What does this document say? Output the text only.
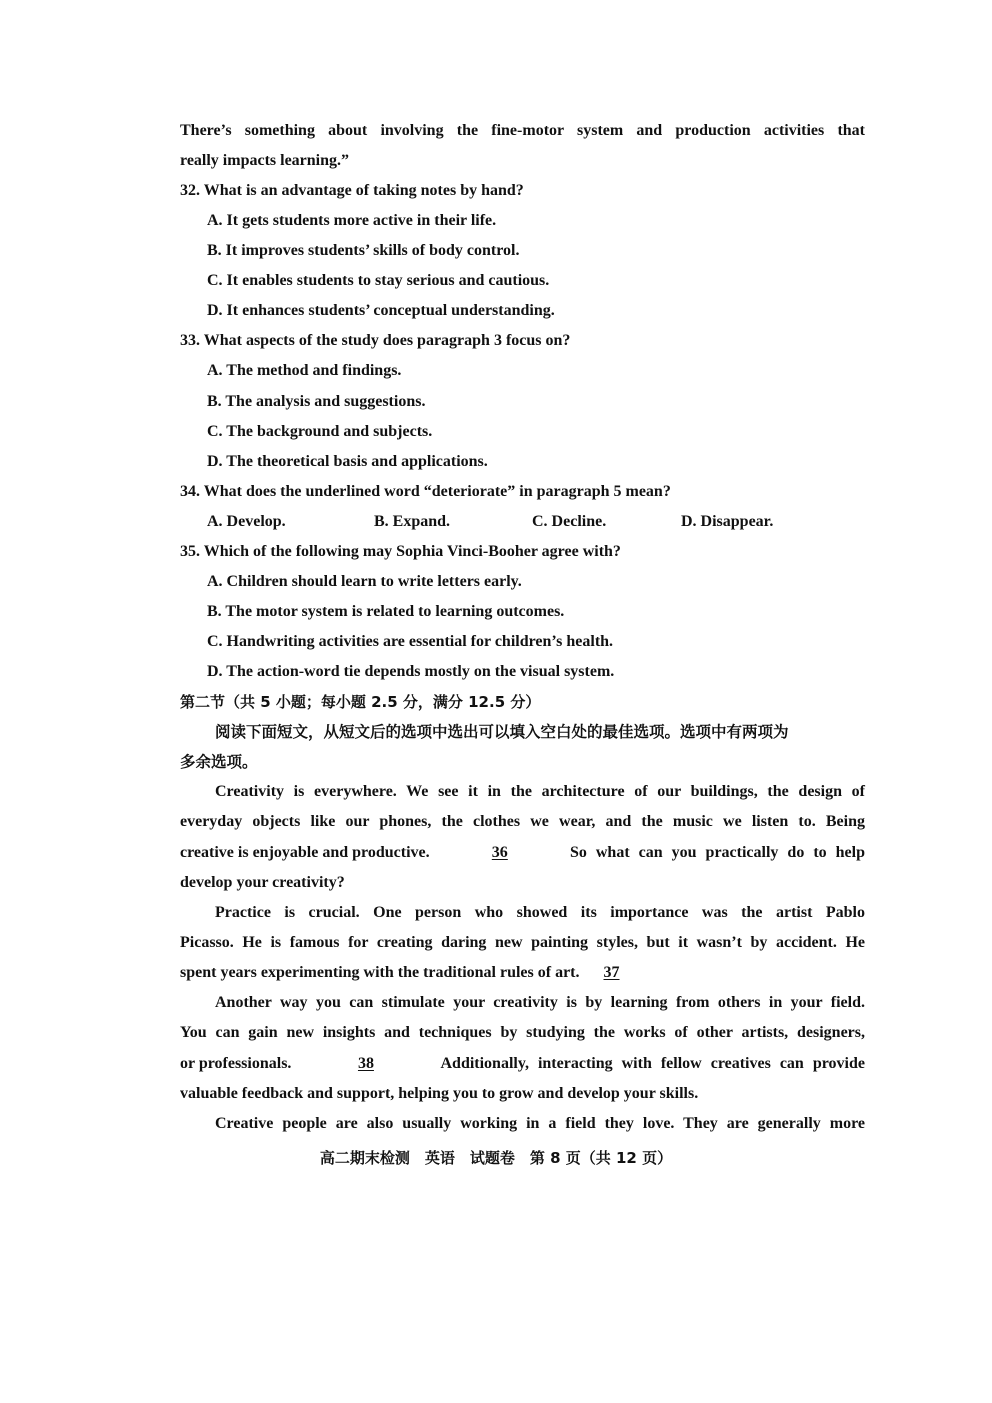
There’s something about involving the fine-motor system and production activities that
really impacts learning.”
32. What is an advantage of taking notes by hand?
A. It gets students more active in their life.
B. It improves students’ skills of body control.
C. It enables students to stay serious and cautious.
D. It enhances students’ conceptual understanding.
33. What aspects of the study does paragraph 3 focus on?
A. The method and findings.
B. The analysis and suggestions.
C. The background and subjects.
D. The theoretical basis and applications.
34. What does the underlined word “deteriorate” in paragraph 5 mean?
A. Develop.	B. Expand.	C. Decline.	D. Disappear.
35. Which of the following may Sophia Vinci-Booher agree with?
A. Children should learn to write letters early.
B. The motor system is related to learning outcomes.
C. Handwriting activities are essential for children’s health.
D. The action-word tie depends mostly on the visual system.
第二节（共 5 小题；每小题 2.5 分，满分 12.5 分）
阅读下面短文，从短文后的选项中选出可以填入空白处的最佳选项。选项中有两项为
多余选项。
Creativity is everywhere. We see it in the architecture of our buildings, the design of
everyday objects like our phones, the clothes we wear, and the music we listen to. Being
creative is enjoyable and productive.	36	So what can you practically do to help
develop your creativity?
Practice is crucial. One person who showed its importance was the artist Pablo
Picasso. He is famous for creating daring new painting styles, but it wasn’t by accident. He
spent years experimenting with the traditional rules of art. 37
Another way you can stimulate your creativity is by learning from others in your field.
You can gain new insights and techniques by studying the works of other artists, designers,
or professionals.	38	Additionally, interacting with fellow creatives can provide
valuable feedback and support, helping you to grow and develop your skills.
Creative people are also usually working in a field they love. They are generally more
高二期末检测　英语　试题卷　第 8 页（共 12 页）
